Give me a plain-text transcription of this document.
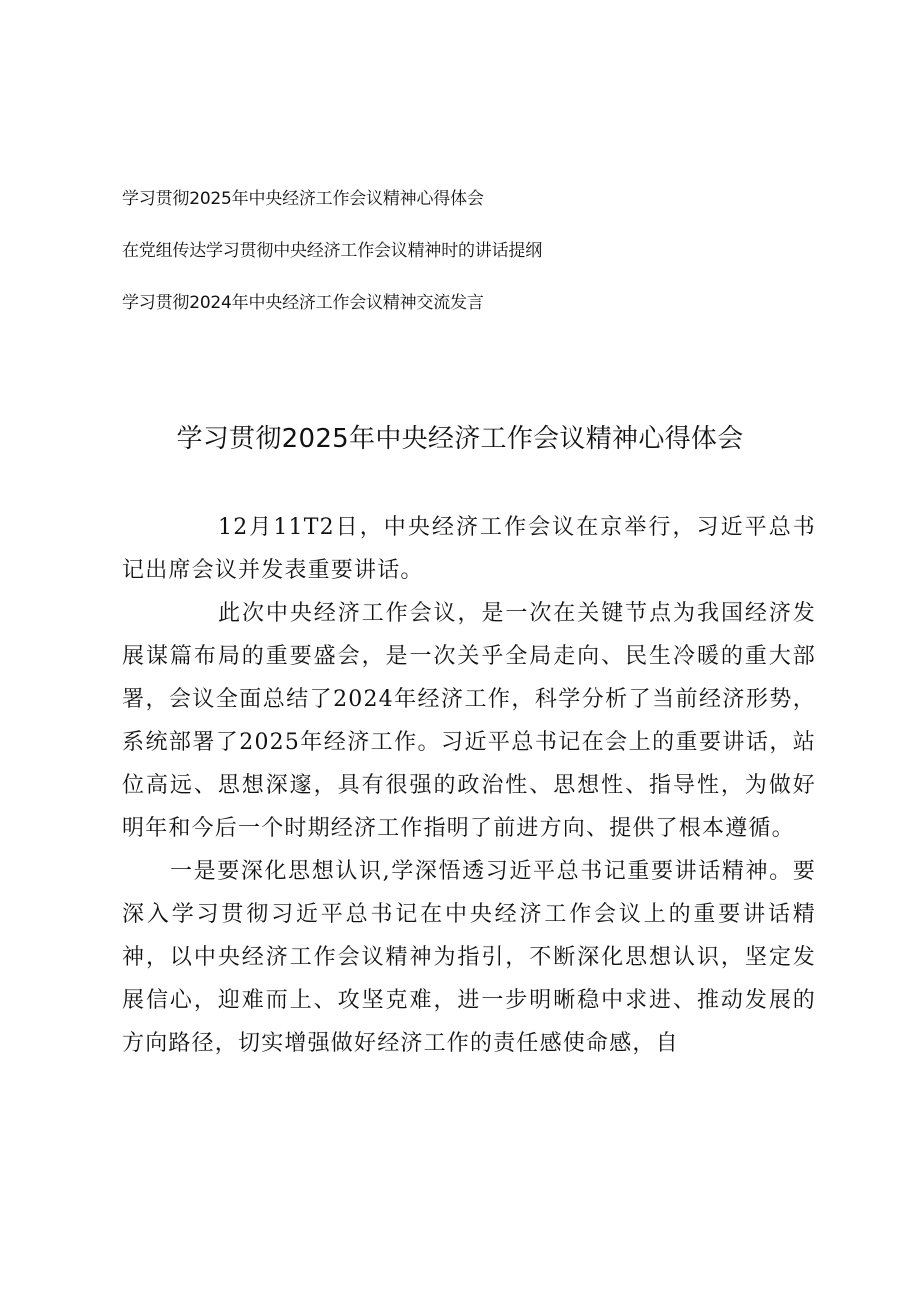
学习贯彻2025年中央经济工作会议精神心得体会
在党组传达学习贯彻中央经济工作会议精神时的讲话提纲
学习贯彻2024年中央经济工作会议精神交流发言
学习贯彻2025年中央经济工作会议精神心得体会

12月11T2日，中央经济工作会议在京举行，习近平总书记出席会议并发表重要讲话。

此次中央经济工作会议，是一次在关键节点为我国经济发展谋篇布局的重要盛会，是一次关乎全局走向、民生冷暖的重大部署，会议全面总结了2024年经济工作，科学分析了当前经济形势，系统部署了2025年经济工作。习近平总书记在会上的重要讲话，站位高远、思想深邃，具有很强的政治性、思想性、指导性，为做好明年和今后一个时期经济工作指明了前进方向、提供了根本遵循。

一是要深化思想认识,学深悟透习近平总书记重要讲话精神。要深入学习贯彻习近平总书记在中央经济工作会议上的重要讲话精神，以中央经济工作会议精神为指引，不断深化思想认识，坚定发展信心，迎难而上、攻坚克难，进一步明晰稳中求进、推动发展的方向路径，切实增强做好经济工作的责任感使命感，自
